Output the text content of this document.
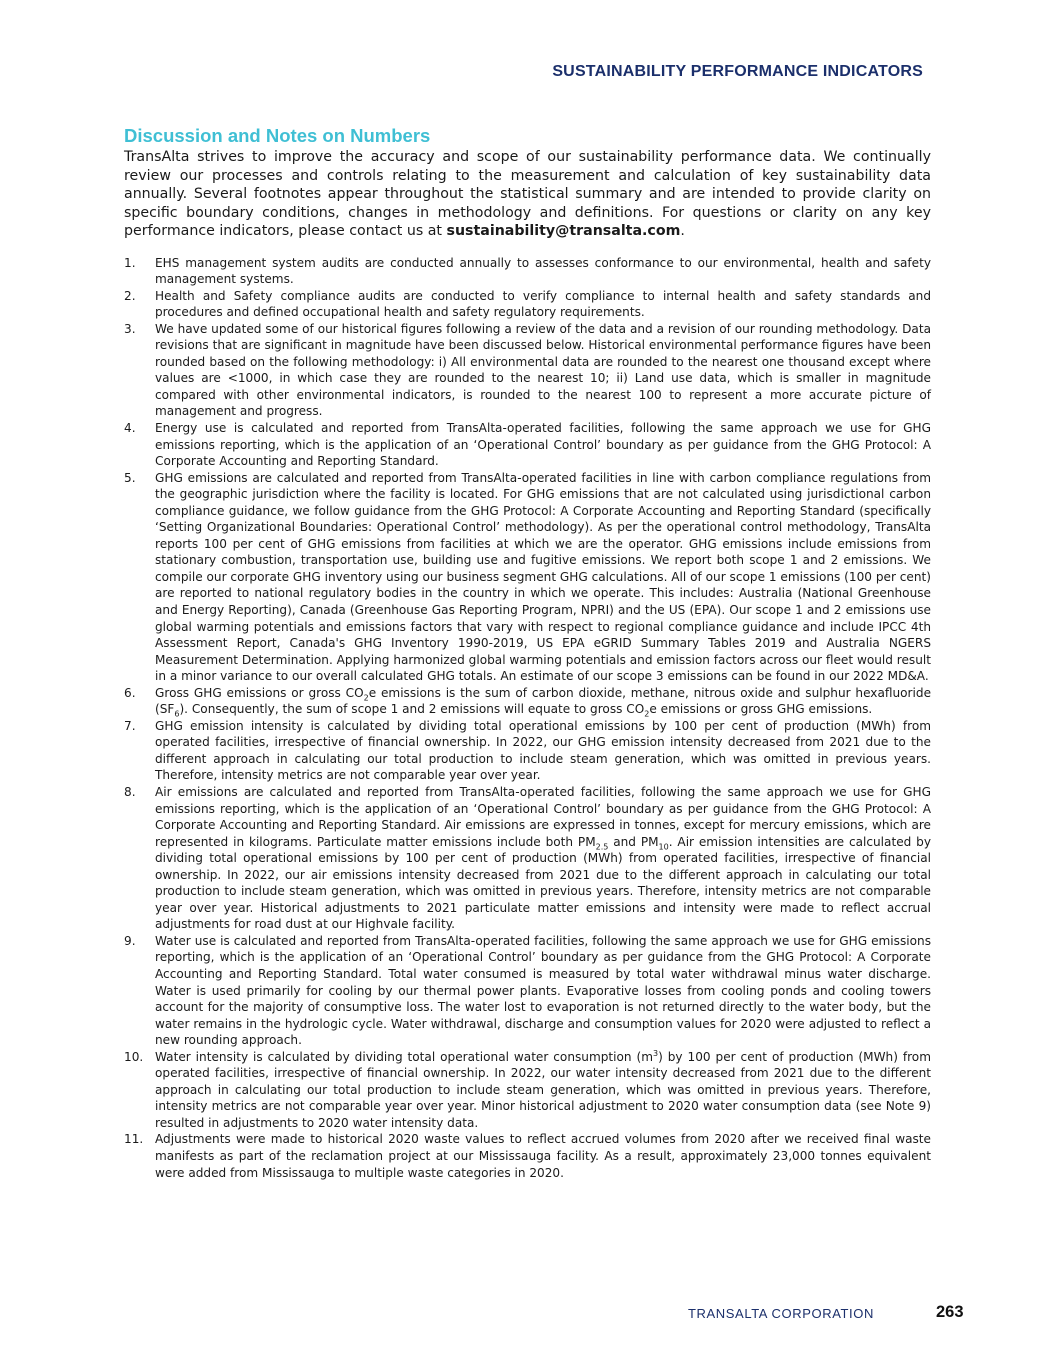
SUSTAINABILITY PERFORMANCE INDICATORS
Discussion and Notes on Numbers

TransAlta strives to improve the accuracy and scope of our sustainability performance data. We continually review our processes and controls relating to the measurement and calculation of key sustainability data annually. Several footnotes appear throughout the statistical summary and are intended to provide clarity on specific boundary conditions, changes in methodology and definitions. For questions or clarity on any key performance indicators, please contact us at sustainability@transalta.com.

1. EHS management system audits are conducted annually to assesses conformance to our environmental, health and safety management systems.
2. Health and Safety compliance audits are conducted to verify compliance to internal health and safety standards and procedures and defined occupational health and safety regulatory requirements.
3. We have updated some of our historical figures following a review of the data and a revision of our rounding methodology. Data revisions that are significant in magnitude have been discussed below. Historical environmental performance figures have been rounded based on the following methodology: i) All environmental data are rounded to the nearest one thousand except where values are <1000, in which case they are rounded to the nearest 10; ii) Land use data, which is smaller in magnitude compared with other environmental indicators, is rounded to the nearest 100 to represent a more accurate picture of management and progress.
4. Energy use is calculated and reported from TransAlta-operated facilities, following the same approach we use for GHG emissions reporting, which is the application of an ‘Operational Control’ boundary as per guidance from the GHG Protocol: A Corporate Accounting and Reporting Standard.
5. GHG emissions are calculated and reported from TransAlta-operated facilities in line with carbon compliance regulations from the geographic jurisdiction where the facility is located. For GHG emissions that are not calculated using jurisdictional carbon compliance guidance, we follow guidance from the GHG Protocol: A Corporate Accounting and Reporting Standard (specifically ‘Setting Organizational Boundaries: Operational Control’ methodology). As per the operational control methodology, TransAlta reports 100 per cent of GHG emissions from facilities at which we are the operator. GHG emissions include emissions from stationary combustion, transportation use, building use and fugitive emissions. We report both scope 1 and 2 emissions. We compile our corporate GHG inventory using our business segment GHG calculations. All of our scope 1 emissions (100 per cent) are reported to national regulatory bodies in the country in which we operate. This includes: Australia (National Greenhouse and Energy Reporting), Canada (Greenhouse Gas Reporting Program, NPRI) and the US (EPA). Our scope 1 and 2 emissions use global warming potentials and emissions factors that vary with respect to regional compliance guidance and include IPCC 4th Assessment Report, Canada's GHG Inventory 1990-2019, US EPA eGRID Summary Tables 2019 and Australia NGERS Measurement Determination. Applying harmonized global warming potentials and emission factors across our fleet would result in a minor variance to our overall calculated GHG totals. An estimate of our scope 3 emissions can be found in our 2022 MD&A.
6. Gross GHG emissions or gross $CO_2e$ emissions is the sum of carbon dioxide, methane, nitrous oxide and sulphur hexafluoride $(SF_6)$. Consequently, the sum of scope 1 and 2 emissions will equate to gross $CO_2e$ emissions or gross GHG emissions.
7. GHG emission intensity is calculated by dividing total operational emissions by 100 per cent of production (MWh) from operated facilities, irrespective of financial ownership. In 2022, our GHG emission intensity decreased from 2021 due to the different approach in calculating our total production to include steam generation, which was omitted in previous years. Therefore, intensity metrics are not comparable year over year.
8. Air emissions are calculated and reported from TransAlta-operated facilities, following the same approach we use for GHG emissions reporting, which is the application of an ‘Operational Control’ boundary as per guidance from the GHG Protocol: A Corporate Accounting and Reporting Standard. Air emissions are expressed in tonnes, except for mercury emissions, which are represented in kilograms. Particulate matter emissions include both $PM_{2.5}$ and $PM_{10}$. Air emission intensities are calculated by dividing total operational emissions by 100 per cent of production (MWh) from operated facilities, irrespective of financial ownership. In 2022, our air emissions intensity decreased from 2021 due to the different approach in calculating our total production to include steam generation, which was omitted in previous years. Therefore, intensity metrics are not comparable year over year. Historical adjustments to 2021 particulate matter emissions and intensity were made to reflect accrual adjustments for road dust at our Highvale facility.
9. Water use is calculated and reported from TransAlta-operated facilities, following the same approach we use for GHG emissions reporting, which is the application of an ‘Operational Control’ boundary as per guidance from the GHG Protocol: A Corporate Accounting and Reporting Standard. Total water consumed is measured by total water withdrawal minus water discharge. Water is used primarily for cooling by our thermal power plants. Evaporative losses from cooling ponds and cooling towers account for the majority of consumptive loss. The water lost to evaporation is not returned directly to the water body, but the water remains in the hydrologic cycle. Water withdrawal, discharge and consumption values for 2020 were adjusted to reflect a new rounding approach.
10. Water intensity is calculated by dividing total operational water consumption $(m^3)$ by 100 per cent of production (MWh) from operated facilities, irrespective of financial ownership. In 2022, our water intensity decreased from 2021 due to the different approach in calculating our total production to include steam generation, which was omitted in previous years. Therefore, intensity metrics are not comparable year over year. Minor historical adjustment to 2020 water consumption data (see Note 9) resulted in adjustments to 2020 water intensity data.
11. Adjustments were made to historical 2020 waste values to reflect accrued volumes from 2020 after we received final waste manifests as part of the reclamation project at our Mississauga facility. As a result, approximately 23,000 tonnes equivalent were added from Mississauga to multiple waste categories in 2020.
TRANSALTA CORPORATION	263
